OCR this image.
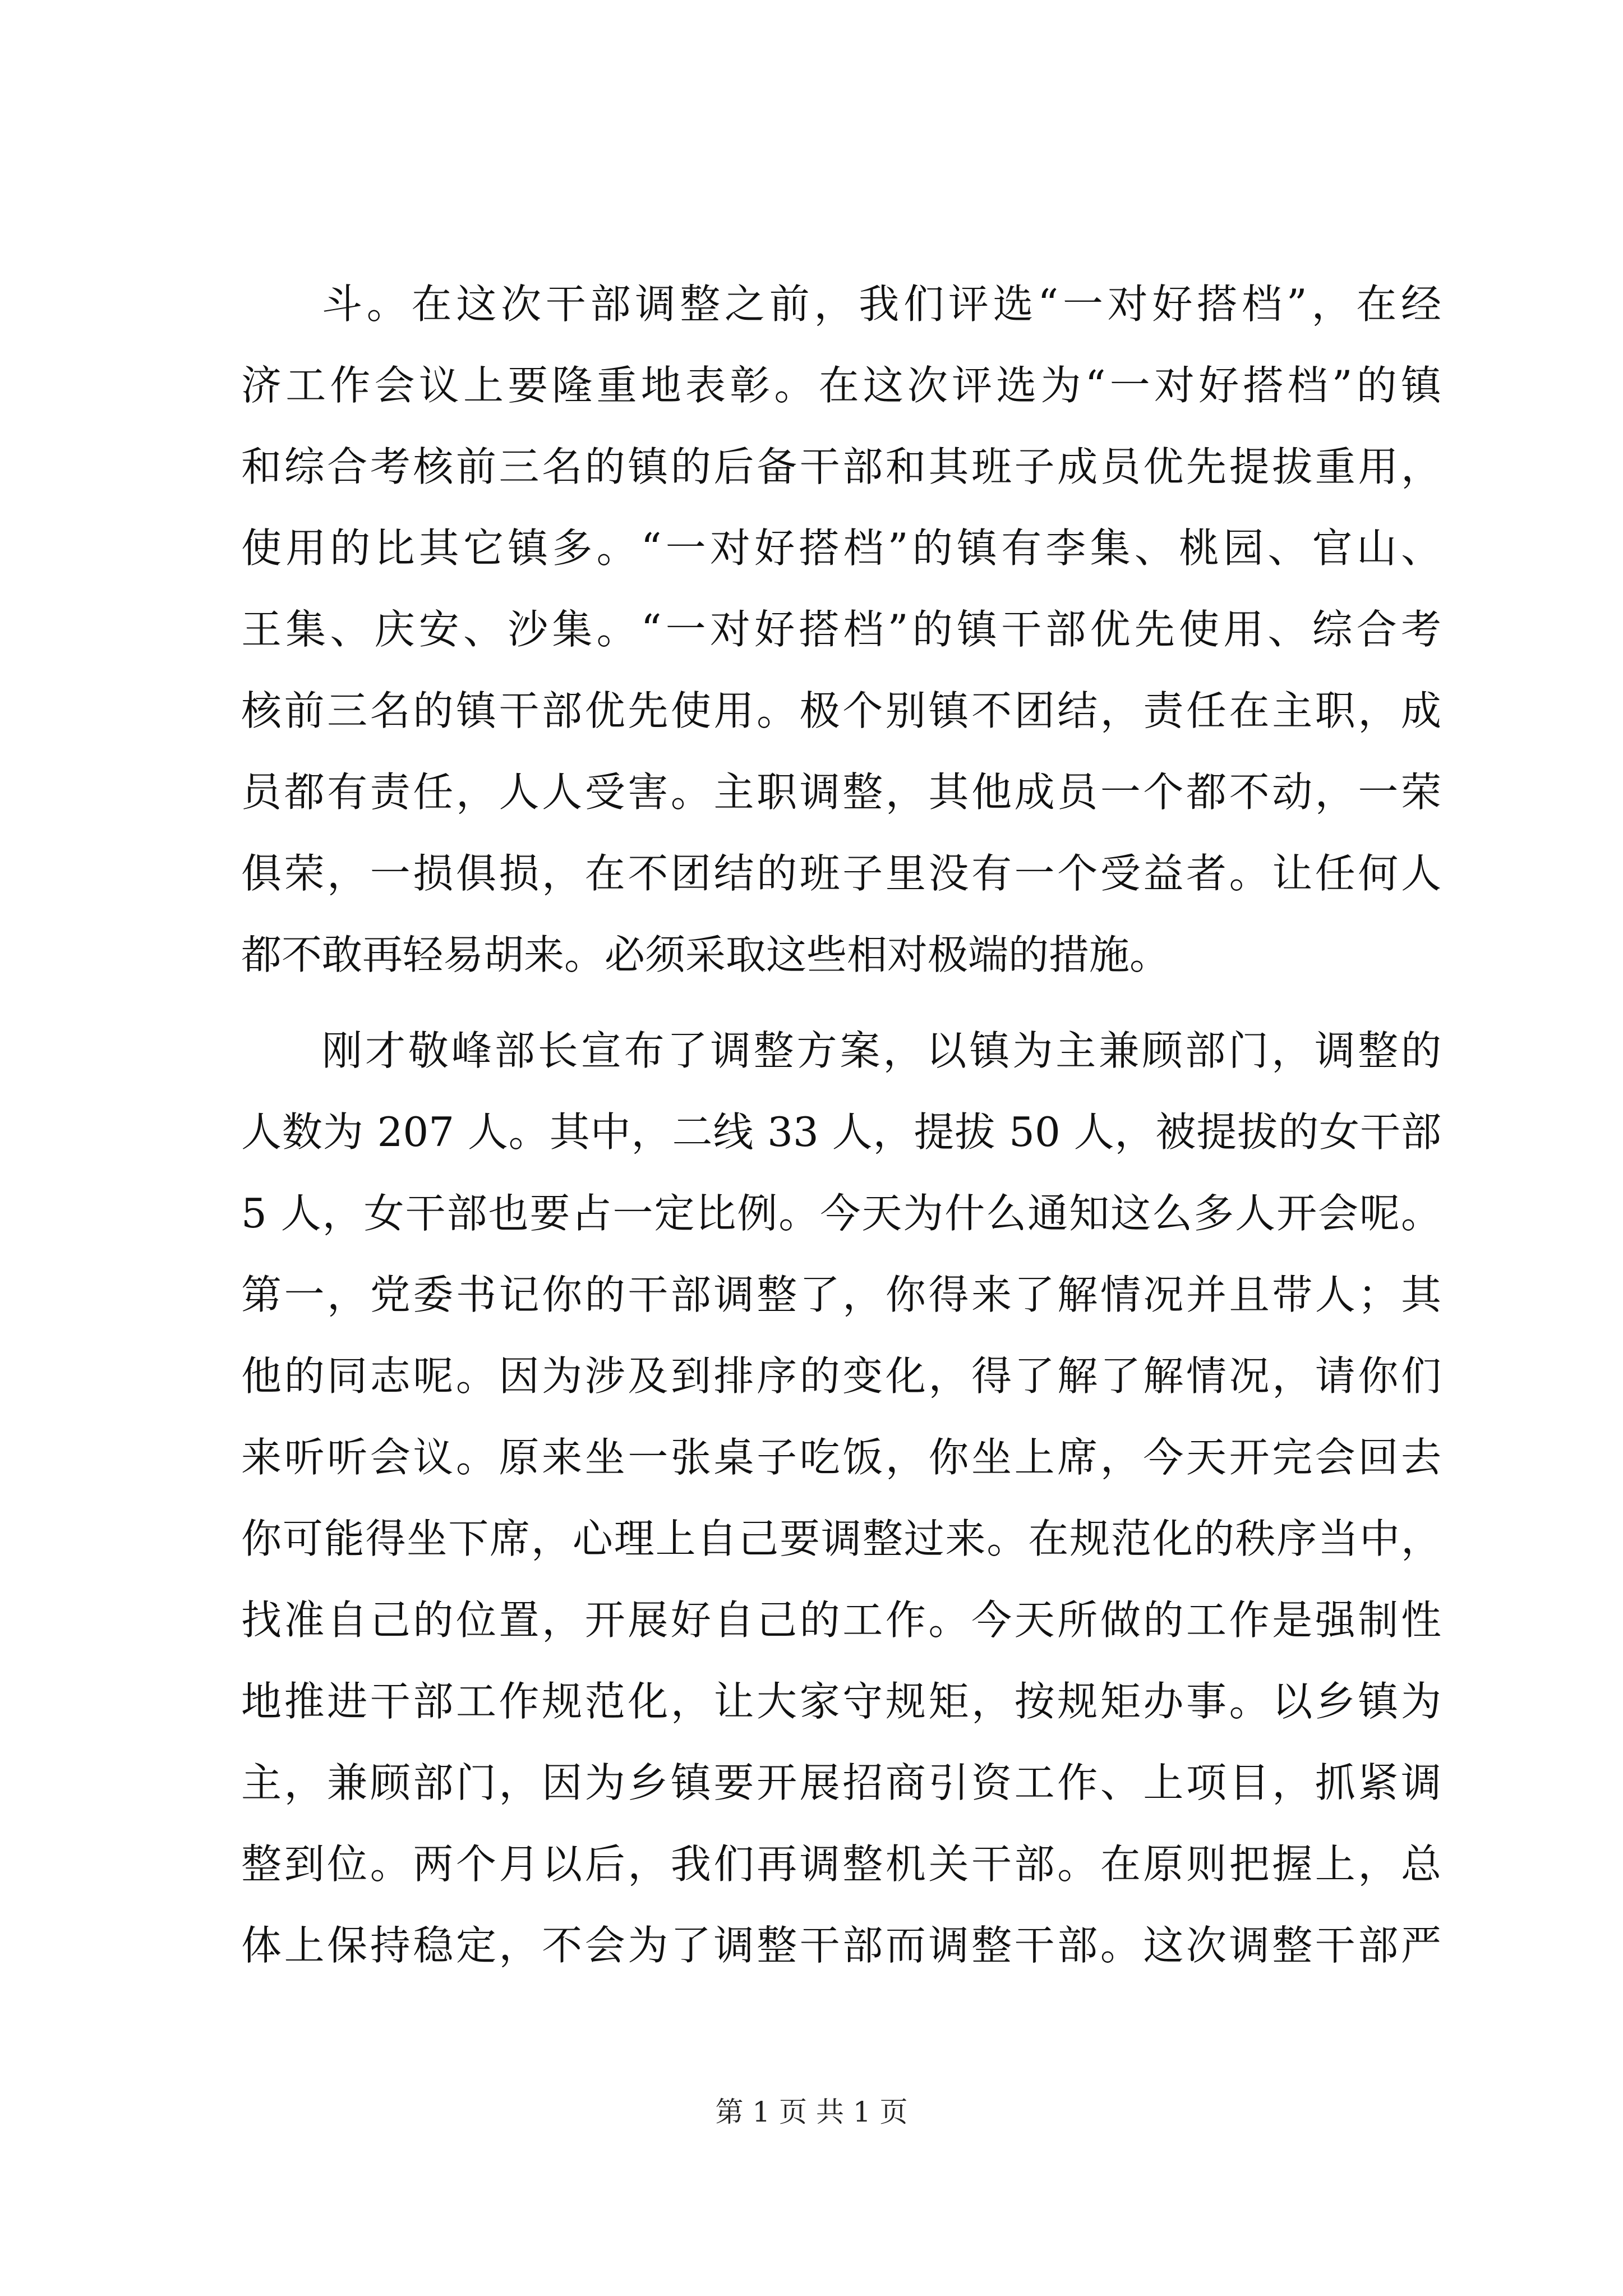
斗。在这次干部调整之前，我们评选“一对好搭档”，在经
济工作会议上要隆重地表彰。在这次评选为“一对好搭档”的镇
和综合考核前三名的镇的后备干部和其班子成员优先提拔重用，
使用的比其它镇多。“一对好搭档”的镇有李集、桃园、官山、
王集、庆安、沙集。“一对好搭档”的镇干部优先使用、综合考
核前三名的镇干部优先使用。极个别镇不团结，责任在主职，成
员都有责任，人人受害。主职调整，其他成员一个都不动，一荣
俱荣，一损俱损，在不团结的班子里没有一个受益者。让任何人
都不敢再轻易胡来。必须采取这些相对极端的措施。
刚才敬峰部长宣布了调整方案，以镇为主兼顾部门，调整的
人数为 207 人。其中，二线 33 人，提拔 50 人，被提拔的女干部
5 人，女干部也要占一定比例。今天为什么通知这么多人开会呢。
第一，党委书记你的干部调整了，你得来了解情况并且带人；其
他的同志呢。因为涉及到排序的变化，得了解了解情况，请你们
来听听会议。原来坐一张桌子吃饭，你坐上席，今天开完会回去
你可能得坐下席，心理上自己要调整过来。在规范化的秩序当中，
找准自己的位置，开展好自己的工作。今天所做的工作是强制性
地推进干部工作规范化，让大家守规矩，按规矩办事。以乡镇为
主，兼顾部门，因为乡镇要开展招商引资工作、上项目，抓紧调
整到位。两个月以后，我们再调整机关干部。在原则把握上，总
体上保持稳定，不会为了调整干部而调整干部。这次调整干部严
第 1 页 共 1 页
